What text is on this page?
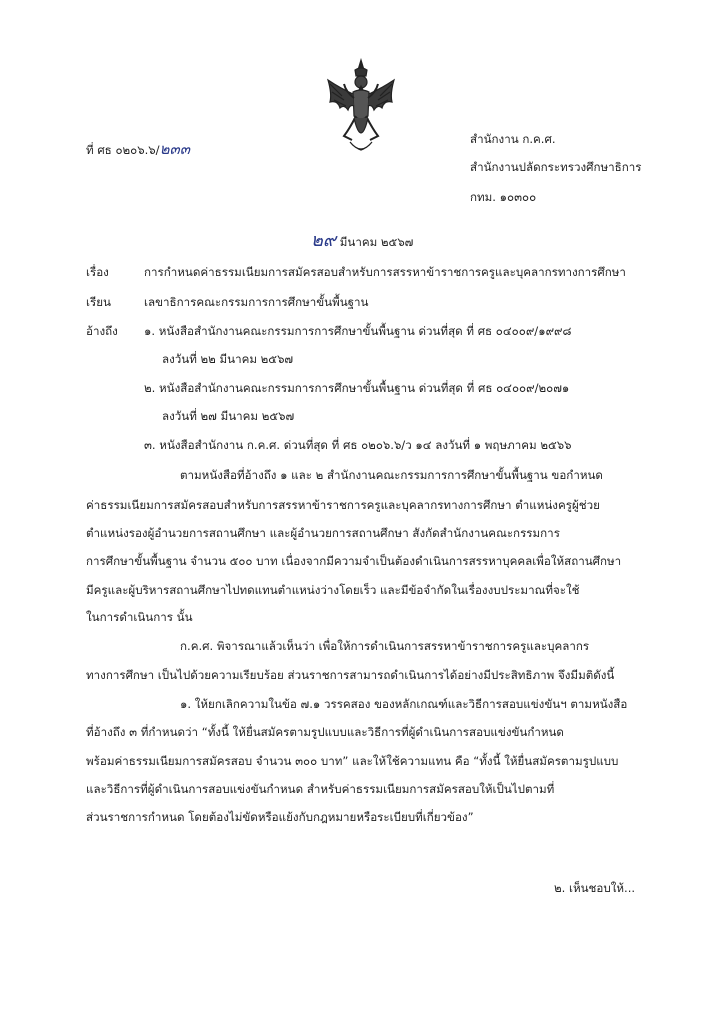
ที่ ศธ ๐๒๐๖.๖/๒๓๓
สำนักงาน ก.ค.ศ.
สำนักงานปลัดกระทรวงศึกษาธิการ
กทม. ๑๐๓๐๐
๒๙ มีนาคม ๒๕๖๗
เรื่อง	การกำหนดค่าธรรมเนียมการสมัครสอบสำหรับการสรรหาข้าราชการครูและบุคลากรทางการศึกษา
เรียน	เลขาธิการคณะกรรมการการศึกษาขั้นพื้นฐาน
อ้างถึง ๑. หนังสือสำนักงานคณะกรรมการการศึกษาขั้นพื้นฐาน ด่วนที่สุด ที่ ศธ ๐๔๐๐๙/๑๙๙๘
ลงวันที่ ๒๒ มีนาคม ๒๕๖๗
๒. หนังสือสำนักงานคณะกรรมการการศึกษาขั้นพื้นฐาน ด่วนที่สุด ที่ ศธ ๐๔๐๐๙/๒๐๗๑
ลงวันที่ ๒๗ มีนาคม ๒๕๖๗
๓. หนังสือสำนักงาน ก.ค.ศ. ด่วนที่สุด ที่ ศธ ๐๒๐๖.๖/ว ๑๔ ลงวันที่ ๑ พฤษภาคม ๒๕๖๖
ตามหนังสือที่อ้างถึง ๑ และ ๒ สำนักงานคณะกรรมการการศึกษาขั้นพื้นฐาน ขอกำหนด
ค่าธรรมเนียมการสมัครสอบสำหรับการสรรหาข้าราชการครูและบุคลากรทางการศึกษา ตำแหน่งครูผู้ช่วย
ตำแหน่งรองผู้อำนวยการสถานศึกษา และผู้อำนวยการสถานศึกษา สังกัดสำนักงานคณะกรรมการ
การศึกษาขั้นพื้นฐาน จำนวน ๕๐๐ บาท เนื่องจากมีความจำเป็นต้องดำเนินการสรรหาบุคคลเพื่อให้สถานศึกษา
มีครูและผู้บริหารสถานศึกษาไปทดแทนตำแหน่งว่างโดยเร็ว และมีข้อจำกัดในเรื่องงบประมาณที่จะใช้
ในการดำเนินการ นั้น
ก.ค.ศ. พิจารณาแล้วเห็นว่า เพื่อให้การดำเนินการสรรหาข้าราชการครูและบุคลากร
ทางการศึกษา เป็นไปด้วยความเรียบร้อย ส่วนราชการสามารถดำเนินการได้อย่างมีประสิทธิภาพ จึงมีมติดังนี้
๑. ให้ยกเลิกความในข้อ ๗.๑ วรรคสอง ของหลักเกณฑ์และวิธีการสอบแข่งขันฯ ตามหนังสือ
ที่อ้างถึง ๓ ที่กำหนดว่า “ทั้งนี้ ให้ยื่นสมัครตามรูปแบบและวิธีการที่ผู้ดำเนินการสอบแข่งขันกำหนด
พร้อมค่าธรรมเนียมการสมัครสอบ จำนวน ๓๐๐ บาท” และให้ใช้ความแทน คือ “ทั้งนี้ ให้ยื่นสมัครตามรูปแบบ
และวิธีการที่ผู้ดำเนินการสอบแข่งขันกำหนด สำหรับค่าธรรมเนียมการสมัครสอบให้เป็นไปตามที่
ส่วนราชการกำหนด โดยต้องไม่ขัดหรือแย้งกับกฎหมายหรือระเบียบที่เกี่ยวข้อง”
๒. เห็นชอบให้...
